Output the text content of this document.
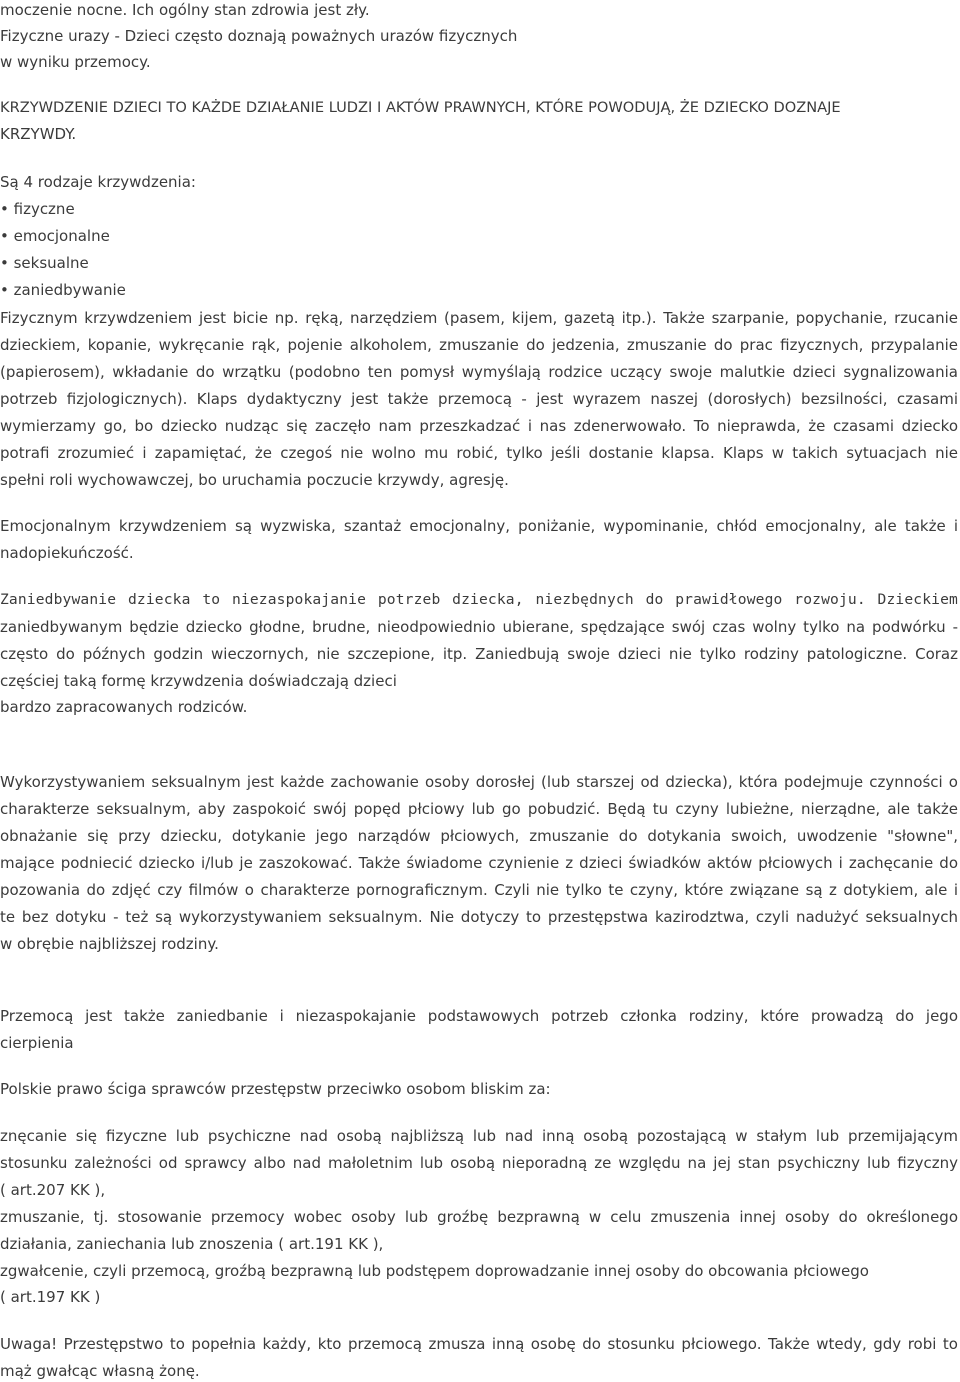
moczenie nocne. Ich ogólny stan zdrowia jest zły.

Fizyczne urazy - Dzieci często doznają poważnych urazów fizycznych

w wyniku przemocy.

KRZYWDZENIE DZIECI TO KAŻDE DZIAŁANIE LUDZI I AKTÓW PRAWNYCH, KTÓRE POWODUJĄ, ŻE DZIECKO DOZNAJE

KRZYWDY.

Są 4 rodzaje krzywdzenia:

• fizyczne

• emocjonalne

• seksualne

• zaniedbywanie

Fizycznym krzywdzeniem jest bicie np. ręką, narzędziem (pasem, kijem, gazetą itp.). Także szarpanie, popychanie, rzucanie

dzieckiem, kopanie, wykręcanie rąk, pojenie alkoholem, zmuszanie do jedzenia, zmuszanie do prac fizycznych, przypalanie

(papierosem), wkładanie do wrzątku (podobno ten pomysł wymyślają rodzice uczący swoje malutkie dzieci sygnalizowania

potrzeb fizjologicznych). Klaps dydaktyczny jest także przemocą - jest wyrazem naszej (dorosłych) bezsilności, czasami

wymierzamy go, bo dziecko nudząc się zaczęło nam przeszkadzać i nas zdenerwowało. To nieprawda, że czasami dziecko

potrafi zrozumieć i zapamiętać, że czegoś nie wolno mu robić, tylko jeśli dostanie klapsa. Klaps w takich sytuacjach nie

spełni roli wychowawczej, bo uruchamia poczucie krzywdy, agresję.

Emocjonalnym krzywdzeniem są wyzwiska, szantaż emocjonalny, poniżanie, wypominanie, chłód emocjonalny, ale także i

nadopiekuńczość.

Zaniedbywanie dziecka to niezaspokajanie potrzeb dziecka, niezbędnych do prawidłowego rozwoju. Dzieckiem

zaniedbywanym będzie dziecko głodne, brudne, nieodpowiednio ubierane, spędzające swój czas wolny tylko na podwórku -

często do późnych godzin wieczornych, nie szczepione, itp. Zaniedbują swoje dzieci nie tylko rodziny patologiczne. Coraz

częściej taką formę krzywdzenia doświadczają dzieci

bardzo zapracowanych rodziców.

Wykorzystywaniem seksualnym jest każde zachowanie osoby dorosłej (lub starszej od dziecka), która podejmuje czynności o

charakterze seksualnym, aby zaspokoić swój popęd płciowy lub go pobudzić. Będą tu czyny lubieżne, nierządne, ale także

obnażanie się przy dziecku, dotykanie jego narządów płciowych, zmuszanie do dotykania swoich, uwodzenie "słowne",

mające podniecić dziecko i/lub je zaszokować. Także świadome czynienie z dzieci świadków aktów płciowych i zachęcanie do

pozowania do zdjęć czy filmów o charakterze pornograficznym. Czyli nie tylko te czyny, które związane są z dotykiem, ale i

te bez dotyku - też są wykorzystywaniem seksualnym. Nie dotyczy to przestępstwa kazirodztwa, czyli nadużyć seksualnych

w obrębie najbliższej rodziny.

Przemocą jest także zaniedbanie i niezaspokajanie podstawowych potrzeb członka rodziny, które prowadzą do jego

cierpienia

Polskie prawo ściga sprawców przestępstw przeciwko osobom bliskim za:

znęcanie się fizyczne lub psychiczne nad osobą najbliższą lub nad inną osobą pozostającą w stałym lub przemijającym

stosunku zależności od sprawcy albo nad małoletnim lub osobą nieporadną ze względu na jej stan psychiczny lub fizyczny

( art.207 KK ),

zmuszanie, tj. stosowanie przemocy wobec osoby lub groźbę bezprawną w celu zmuszenia innej osoby do określonego

działania, zaniechania lub znoszenia ( art.191 KK ),

zgwałcenie, czyli przemocą, groźbą bezprawną lub podstępem doprowadzanie innej osoby do obcowania płciowego

( art.197 KK )

Uwaga! Przestępstwo to popełnia każdy, kto przemocą zmusza inną osobę do stosunku płciowego. Także wtedy, gdy robi to

mąż gwałcąc własną żonę.
